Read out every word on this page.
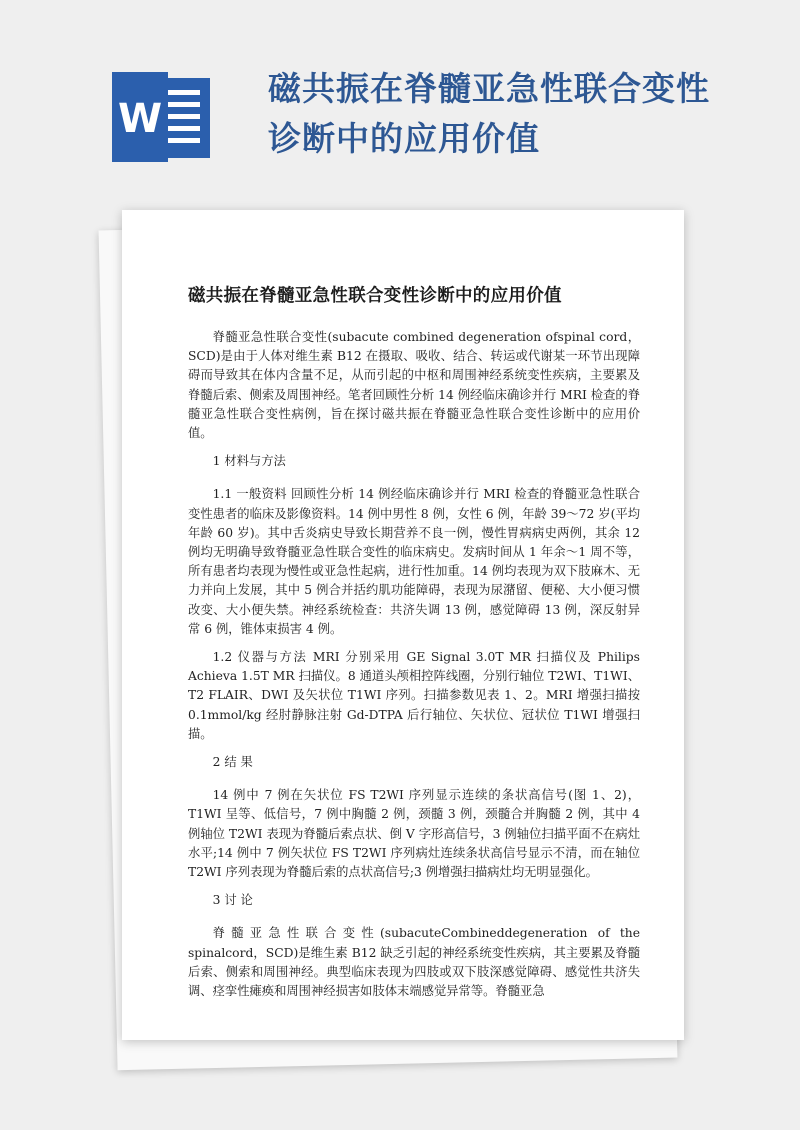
W
磁共振在脊髓亚急性联合变性
诊断中的应用价值
磁共振在脊髓亚急性联合变性诊断中的应用价值

脊髓亚急性联合变性(subacute combined degeneration ofspinal cord，SCD)是由于人体对维生素 B12 在摄取、吸收、结合、转运或代谢某一环节出现障碍而导致其在体内含量不足，从而引起的中枢和周围神经系统变性疾病，主要累及脊髓后索、侧索及周围神经。笔者回顾性分析 14 例经临床确诊并行 MRI 检查的脊髓亚急性联合变性病例，旨在探讨磁共振在脊髓亚急性联合变性诊断中的应用价值。

1 材料与方法

1.1 一般资料 回顾性分析 14 例经临床确诊并行 MRI 检查的脊髓亚急性联合变性患者的临床及影像资料。14 例中男性 8 例，女性 6 例，年龄 39～72 岁(平均年龄 60 岁)。其中舌炎病史导致长期营养不良一例，慢性胃病病史两例，其余 12 例均无明确导致脊髓亚急性联合变性的临床病史。发病时间从 1 年余～1 周不等，所有患者均表现为慢性或亚急性起病，进行性加重。14 例均表现为双下肢麻木、无力并向上发展，其中 5 例合并括约肌功能障碍，表现为尿潴留、便秘、大小便习惯改变、大小便失禁。神经系统检查：共济失调 13 例，感觉障碍 13 例，深反射异常 6 例，锥体束损害 4 例。

1.2 仪器与方法 MRI 分别采用 GE Signal 3.0T MR 扫描仪及 Philips Achieva 1.5T MR 扫描仪。8 通道头颅相控阵线圈，分别行轴位 T2WI、T1WI、T2 FLAIR、DWI 及矢状位 T1WI 序列。扫描参数见表 1、2。MRI 增强扫描按 0.1mmol/kg 经肘静脉注射 Gd-DTPA 后行轴位、矢状位、冠状位 T1WI 增强扫描。

2 结 果

14 例中 7 例在矢状位 FS T2WI 序列显示连续的条状高信号(图 1、2)，T1WI 呈等、低信号，7 例中胸髓 2 例，颈髓 3 例，颈髓合并胸髓 2 例，其中 4 例轴位 T2WI 表现为脊髓后索点状、倒 V 字形高信号，3 例轴位扫描平面不在病灶水平;14 例中 7 例矢状位 FS T2WI 序列病灶连续条状高信号显示不清，而在轴位 T2WI 序列表现为脊髓后索的点状高信号;3 例增强扫描病灶均无明显强化。

3 讨 论

脊髓亚急性联合变性(subacuteCombineddegeneration of the spinalcord，SCD)是维生素 B12 缺乏引起的神经系统变性疾病，其主要累及脊髓后索、侧索和周围神经。典型临床表现为四肢或双下肢深感觉障碍、感觉性共济失调、痉挛性瘫痪和周围神经损害如肢体末端感觉异常等。脊髓亚急
